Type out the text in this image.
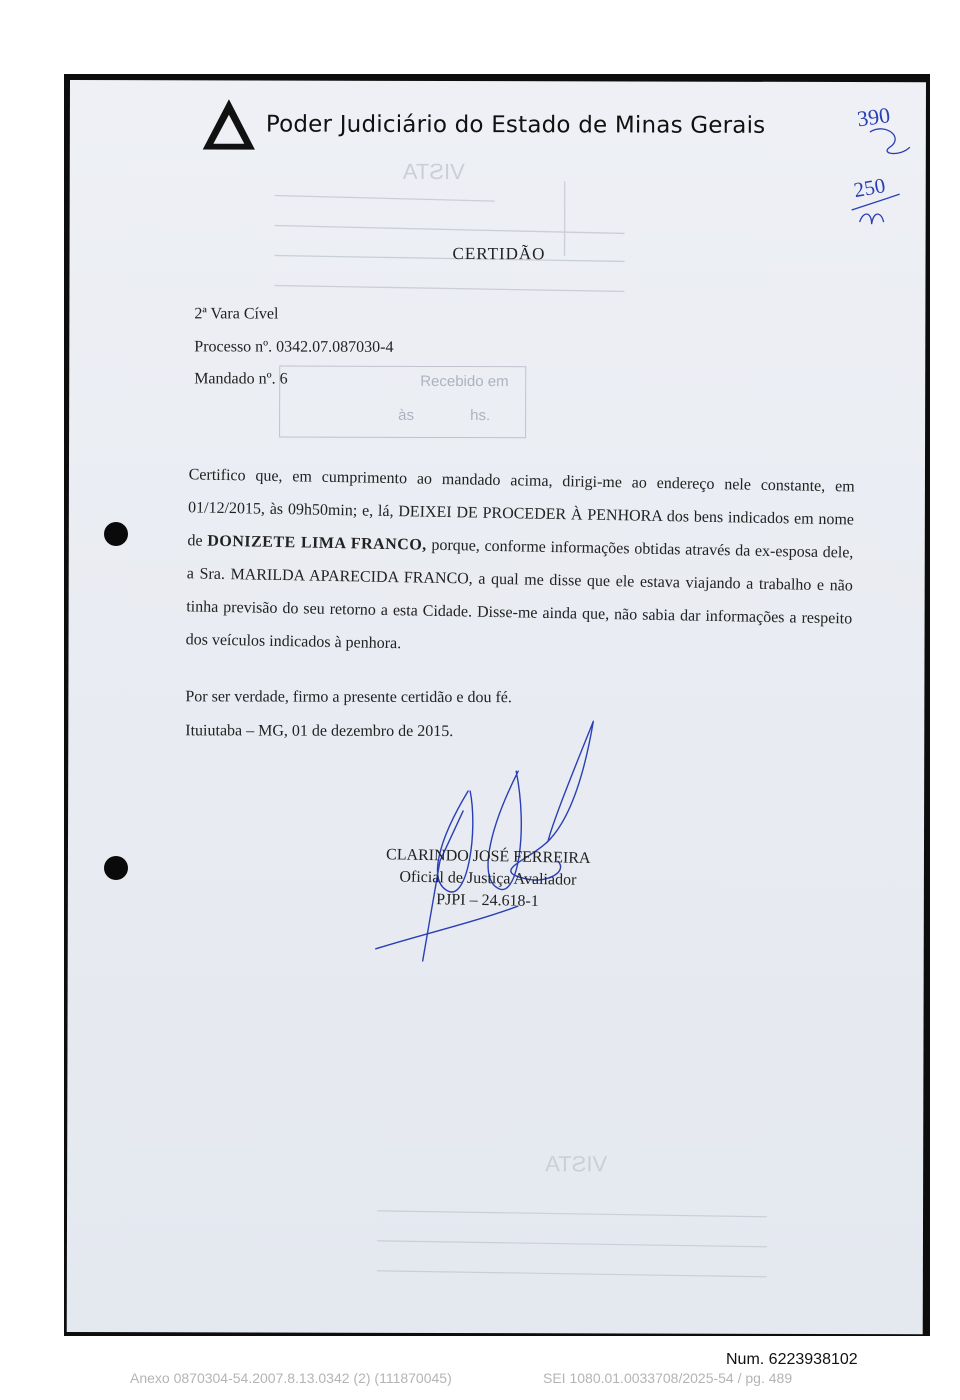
Poder Judiciário do Estado de Minas Gerais
VISTA
Recebido em
às	hs.
CERTIDÃO
2ª Vara Cível
Processo nº. 0342.07.087030-4
Mandado nº. 6
Certifico que, em cumprimento ao mandado acima, dirigi-me ao endereço nele constante, em 01/12/2015, às 09h50min; e, lá, DEIXEI DE PROCEDER À PENHORA dos bens indicados em nome de DONIZETE LIMA FRANCO, porque, conforme informações obtidas através da ex-esposa dele, a Sra. MARILDA APARECIDA FRANCO, a qual me disse que ele estava viajando a trabalho e não tinha previsão do seu retorno a esta Cidade. Disse-me ainda que, não sabia dar informações a respeito dos veículos indicados à penhora.
Por ser verdade, firmo a presente certidão e dou fé.
Ituiutaba – MG, 01 de dezembro de 2015.
CLARINDO JOSÉ FERREIRA
Oficial de Justiça Avaliador
PJPI – 24.618-1
390
250
VISTA
Num. 6223938102
Anexo 0870304-54.2007.8.13.0342 (2) (111870045)	SEI 1080.01.0033708/2025-54 / pg. 489
